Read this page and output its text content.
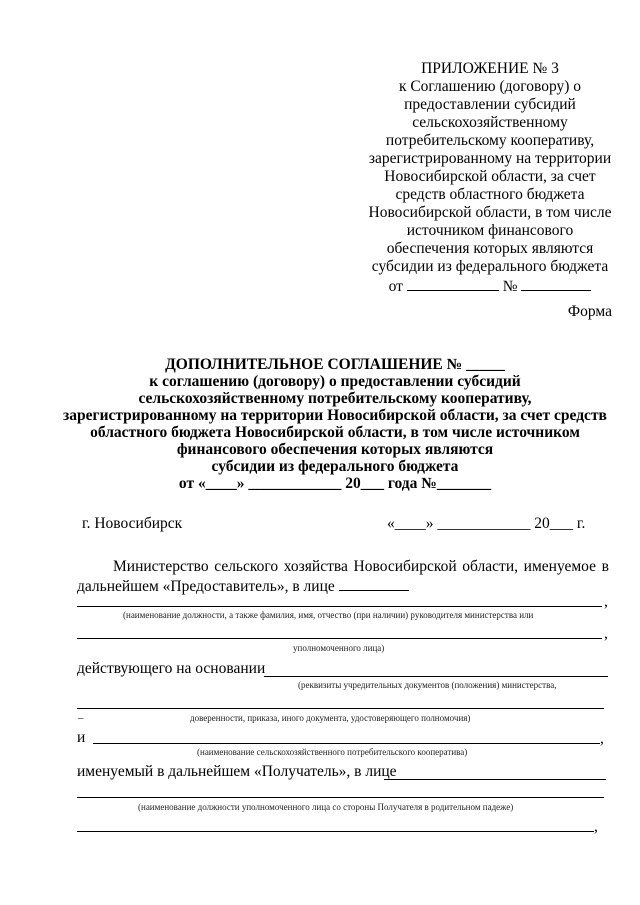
ПРИЛОЖЕНИЕ № 3
к Соглашению (договору) о
предоставлении субсидий
сельскохозяйственному
потребительскому кооперативу,
зарегистрированному на территории
Новосибирской области, за счет
средств областного бюджета
Новосибирской области, в том числе
источником финансового
обеспечения которых являются
субсидии из федерального бюджета
от	№
Форма
ДОПОЛНИТЕЛЬНОЕ СОГЛАШЕНИЕ № _____
к соглашению (договору) о предоставлении субсидий
сельскохозяйственному потребительскому кооперативу,
зарегистрированному на территории Новосибирской области, за счет средств
областного бюджета Новосибирской области, в том числе источником
финансового обеспечения которых являются
субсидии из федерального бюджета
от «____» ____________ 20___ года №_______
г. Новосибирск	«____» ____________ 20___ г.
Министерство сельского хозяйства Новосибирской области, именуемое в дальнейшем «Предоставитель», в лице
,
(наименование должности, а также фамилия, имя, отчество (при наличии) руководителя министерства или
,
уполномоченного лица)
действующего на основании
(реквизиты учредительных документов (положения) министерства,
доверенности, приказа, иного документа, удостоверяющего полномочия)
–
и	,
(наименование сельскохозяйственного потребительского кооператива)
именуемый в дальнейшем «Получатель», в лице
(наименование должности уполномоченного лица со стороны Получателя в родительном падеже)
,
